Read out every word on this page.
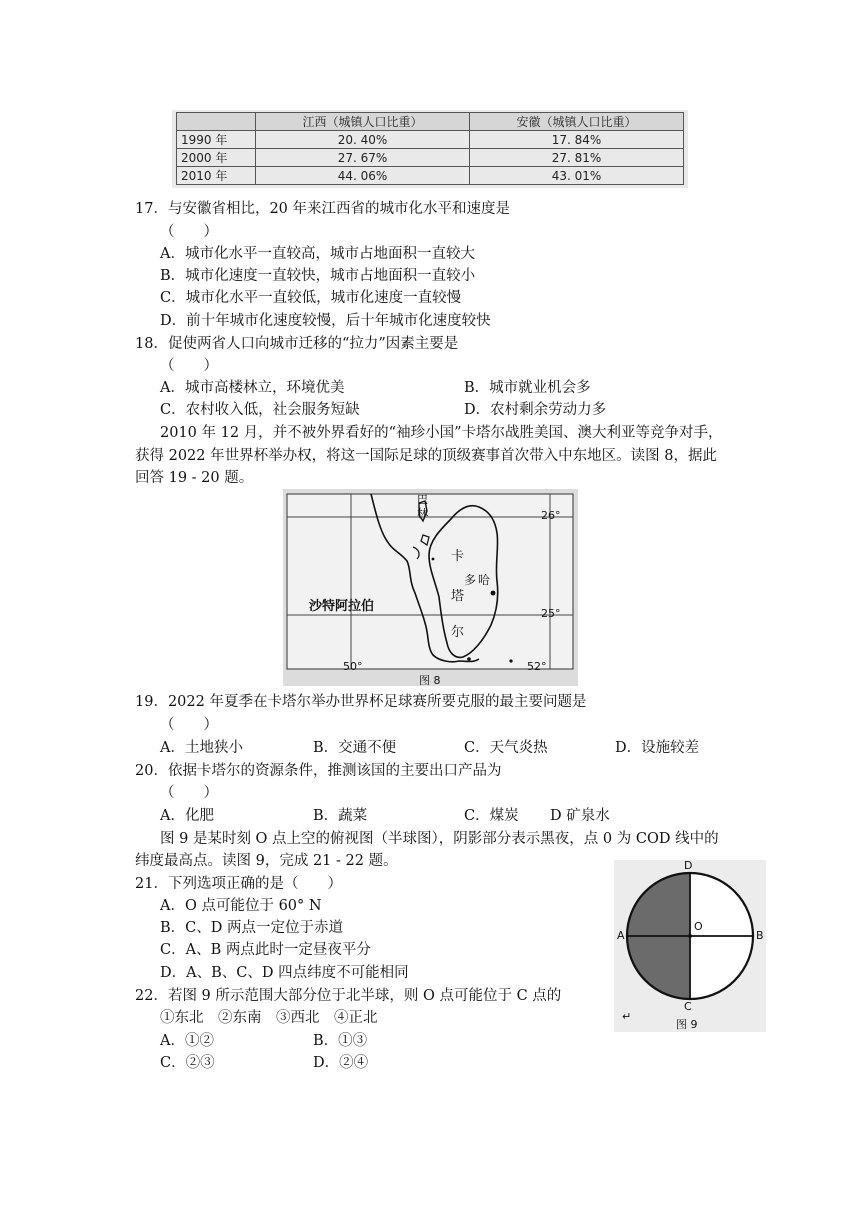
	江西（城镇人口比重）	安徽（城镇人口比重）
1990 年	20. 40%	17. 84%
2000 年	27. 67%	27. 81%
2010 年	44. 06%	43. 01%
17．与安徽省相比，20 年来江西省的城市化水平和速度是
（　　）
A．城市化水平一直较高，城市占地面积一直较大
B．城市化速度一直较快，城市占地面积一直较小
C．城市化水平一直较低，城市化速度一直较慢
D．前十年城市化速度较慢，后十年城市化速度较快
18．促使两省人口向城市迁移的“拉力”因素主要是
（　　）
A．城市高楼林立，环境优美	B．城市就业机会多
C．农村收入低，社会服务短缺	D．农村剩余劳动力多
2010 年 12 月，并不被外界看好的“袖珍小国”卡塔尔战胜美国、澳大利亚等竞争对手，
获得 2022 年世界杯举办权，将这一国际足球的顶级赛事首次带入中东地区。读图 8，据此
回答 19 - 20 题。
26°
25°
50°	52°
巴林
卡
塔
尔
多哈
沙特阿拉伯
图 8
19．2022 年夏季在卡塔尔举办世界杯足球赛所要克服的最主要问题是
（　　）
A．土地狭小	B．交通不便	C．天气炎热	D．设施较差
20．依据卡塔尔的资源条件，推测该国的主要出口产品为
（　　）
A．化肥	B．蔬菜	C．煤炭 D 矿泉水
图 9 是某时刻 O 点上空的俯视图（半球图），阴影部分表示黑夜，点 0 为 COD 线中的
纬度最高点。读图 9，完成 21 - 22 题。
21．下列选项正确的是（　　）
A．O 点可能位于 60° N
B．C、D 两点一定位于赤道
C．A、B 两点此时一定昼夜平分
D．A、B、C、D 四点纬度不可能相同
22．若图 9 所示范围大部分位于北半球，则 O 点可能位于 C 点的
①东北　②东南　③西北　④正北
A．①②	B．①③
C．②③	D．②④
D
C
A	B
O
↵
图 9
